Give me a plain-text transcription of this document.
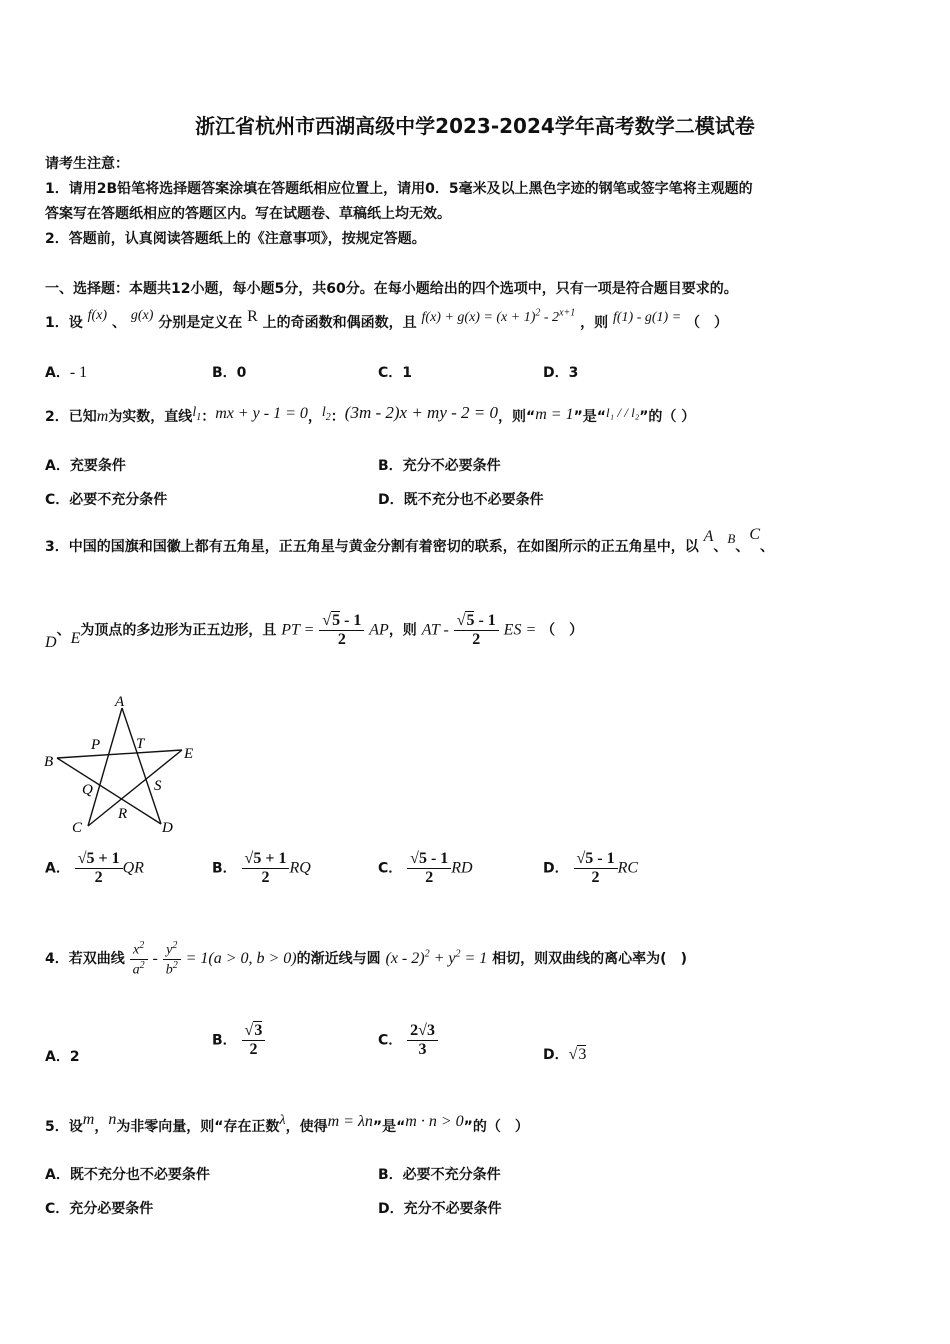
浙江省杭州市西湖高级中学2023-2024学年高考数学二模试卷
请考生注意：
1．请用2B铅笔将选择题答案涂填在答题纸相应位置上，请用0．5毫米及以上黑色字迹的钢笔或签字笔将主观题的
答案写在答题纸相应的答题区内。写在试题卷、草稿纸上均无效。
2．答题前，认真阅读答题纸上的《注意事项》，按规定答题。
一、选择题：本题共12小题，每小题5分，共60分。在每小题给出的四个选项中，只有一项是符合题目要求的。
1．设 f(x) 、 g(x) 分别是定义在 R 上的奇函数和偶函数，且 $f(x) + g(x) = (x + 1)^2 - 2^{x+1}$ ，则 f(1) - g(1) = （　）
A．- 1	B．0	C．1	D．3
2．已知m为实数，直线$l_1$：mx + y - 1 = 0，$l_2$：(3m - 2)x + my - 2 = 0，则“m = 1”是“l₁ / / l₂”的（ ）
A．充要条件	B．充分不必要条件
C．必要不充分条件	D．既不充分也不必要条件
3．中国的国旗和国徽上都有五角星，正五角星与黄金分割有着密切的联系，在如图所示的正五角星中，以 A、B、C、
D、E为顶点的多边形为正五边形，且 PT = $\frac{√5 - 1}{2}$ AP，则 AT - $\frac{√5 - 1}{2}$ ES = （　）
A
B
C	D
E
P T
Q
R
S
A． $\frac{√5 + 1}{2}$ QR	B． $\frac{√5 + 1}{2}$ RQ	C． $\frac{√5 - 1}{2}$ RD	D． $\frac{√5 - 1}{2}$ RC
4．若双曲线 $\frac{x^2}{a^2} - \frac{y^2}{b^2} = 1(a > 0$, b > 0)的渐近线与圆 $(x - 2)^2 + y^2 = 1$ 相切，则双曲线的离心率为(　)
A．2
B． $\frac{√3}{2}$	C． $\frac{2√3}{3}$	D．√3
5．设m，n为非零向量，则“存在正数λ，使得m = λn”是“m · n > 0”的（　）
A．既不充分也不必要条件	B．必要不充分条件
C．充分必要条件	D．充分不必要条件
